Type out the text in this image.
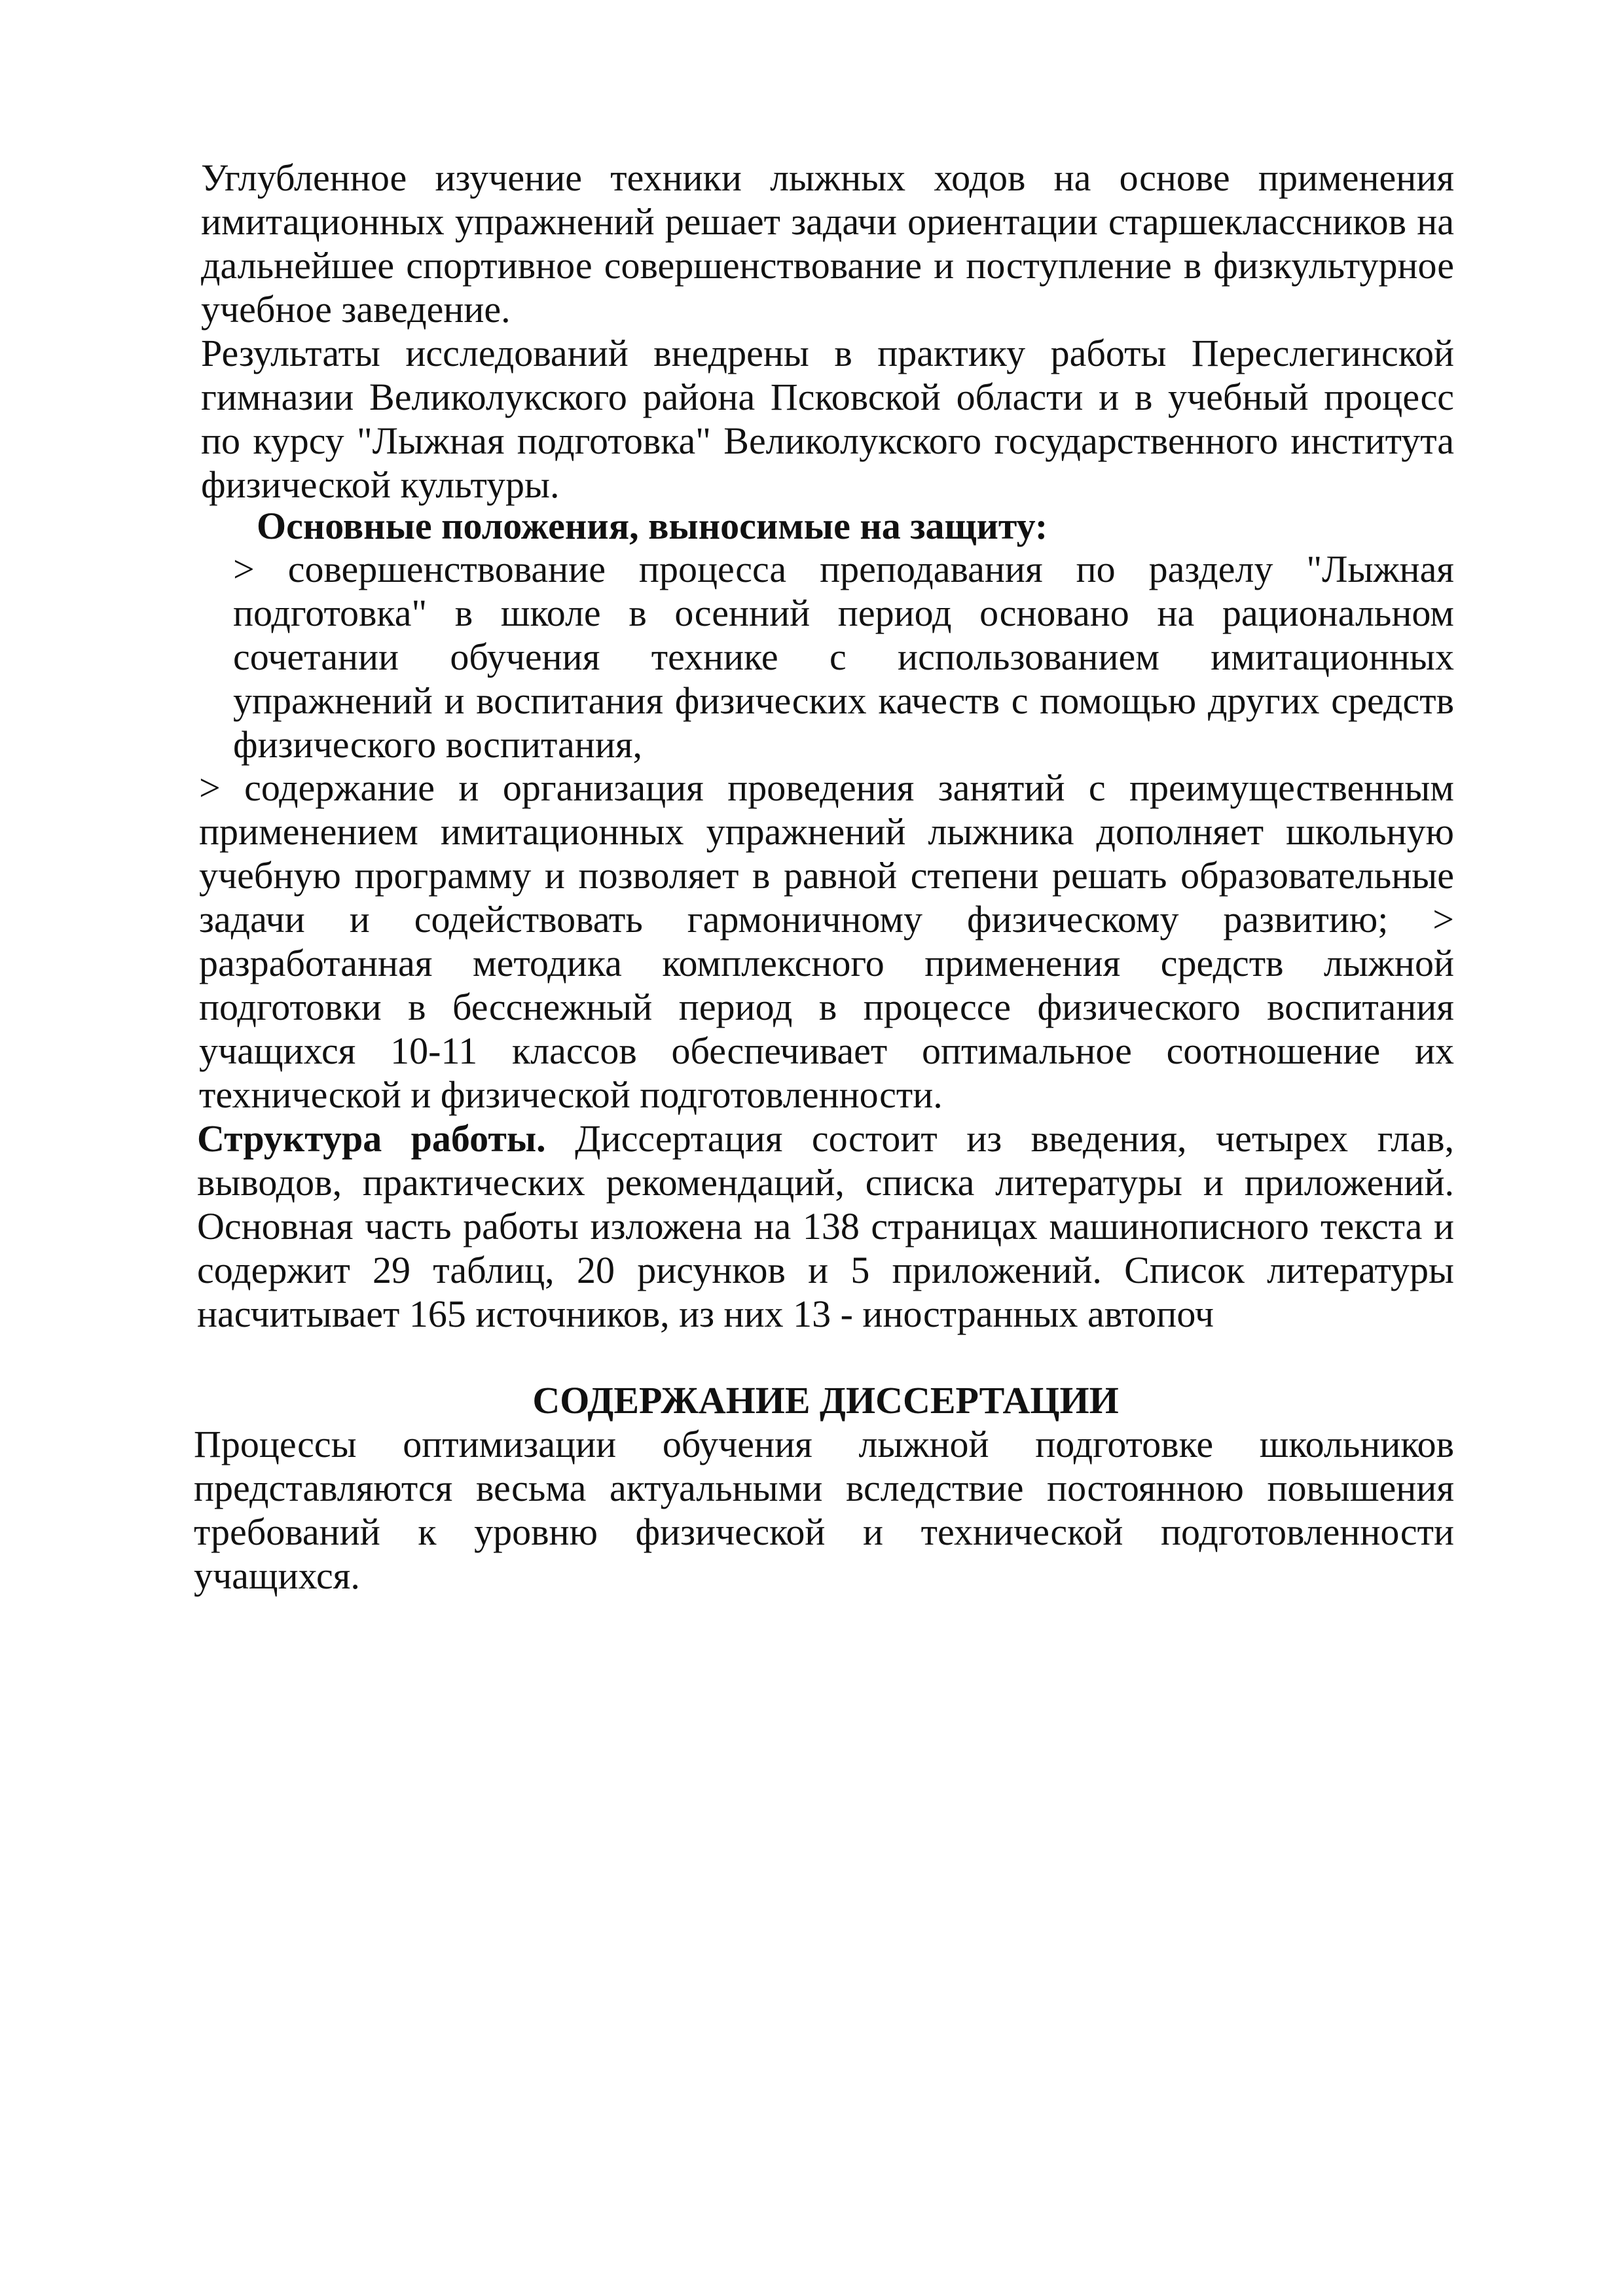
Углубленное изучение техники лыжных ходов на основе применения имитационных упражнений решает задачи ориентации старшеклассников на дальнейшее спортивное совершенствование и поступление в физкультурное учебное заведение.

Результаты исследований внедрены в практику работы Переслегинской гимназии Великолукского района Псковской области и в учебный процесс по курсу "Лыжная подготовка" Великолукского государственного института физической культуры.

Основные положения, выносимые на защиту:

> совершенствование процесса преподавания по разделу "Лыжная подготовка" в школе в осенний период основано на рациональном сочетании обучения технике с использованием имитационных упражнений и воспитания физических качеств с помощью других средств физического воспитания,

> содержание и организация проведения занятий с преимущественным применением имитационных упражнений лыжника дополняет школьную учебную программу и позволяет в равной степени решать образовательные задачи и содействовать гармоничному физическому развитию; > разработанная методика комплексного применения средств лыжной подготовки в бесснежный период в процессе физического воспитания учащихся 10-11 классов обеспечивает оптимальное соотношение их технической и физической подготовленности.

Структура работы. Диссертация состоит из введения, четырех глав, выводов, практических рекомендаций, списка литературы и приложений. Основная часть работы изложена на 138 страницах машинописного текста и содержит 29 таблиц, 20 рисунков и 5 приложений. Список литературы насчитывает 165 источников, из них 13 - иностранных автопоч

СОДЕРЖАНИЕ ДИССЕРТАЦИИ

Процессы оптимизации обучения лыжной подготовке школьников представляются весьма актуальными вследствие постоянною повышения требований к уровню физической и технической подготовленности учащихся.
